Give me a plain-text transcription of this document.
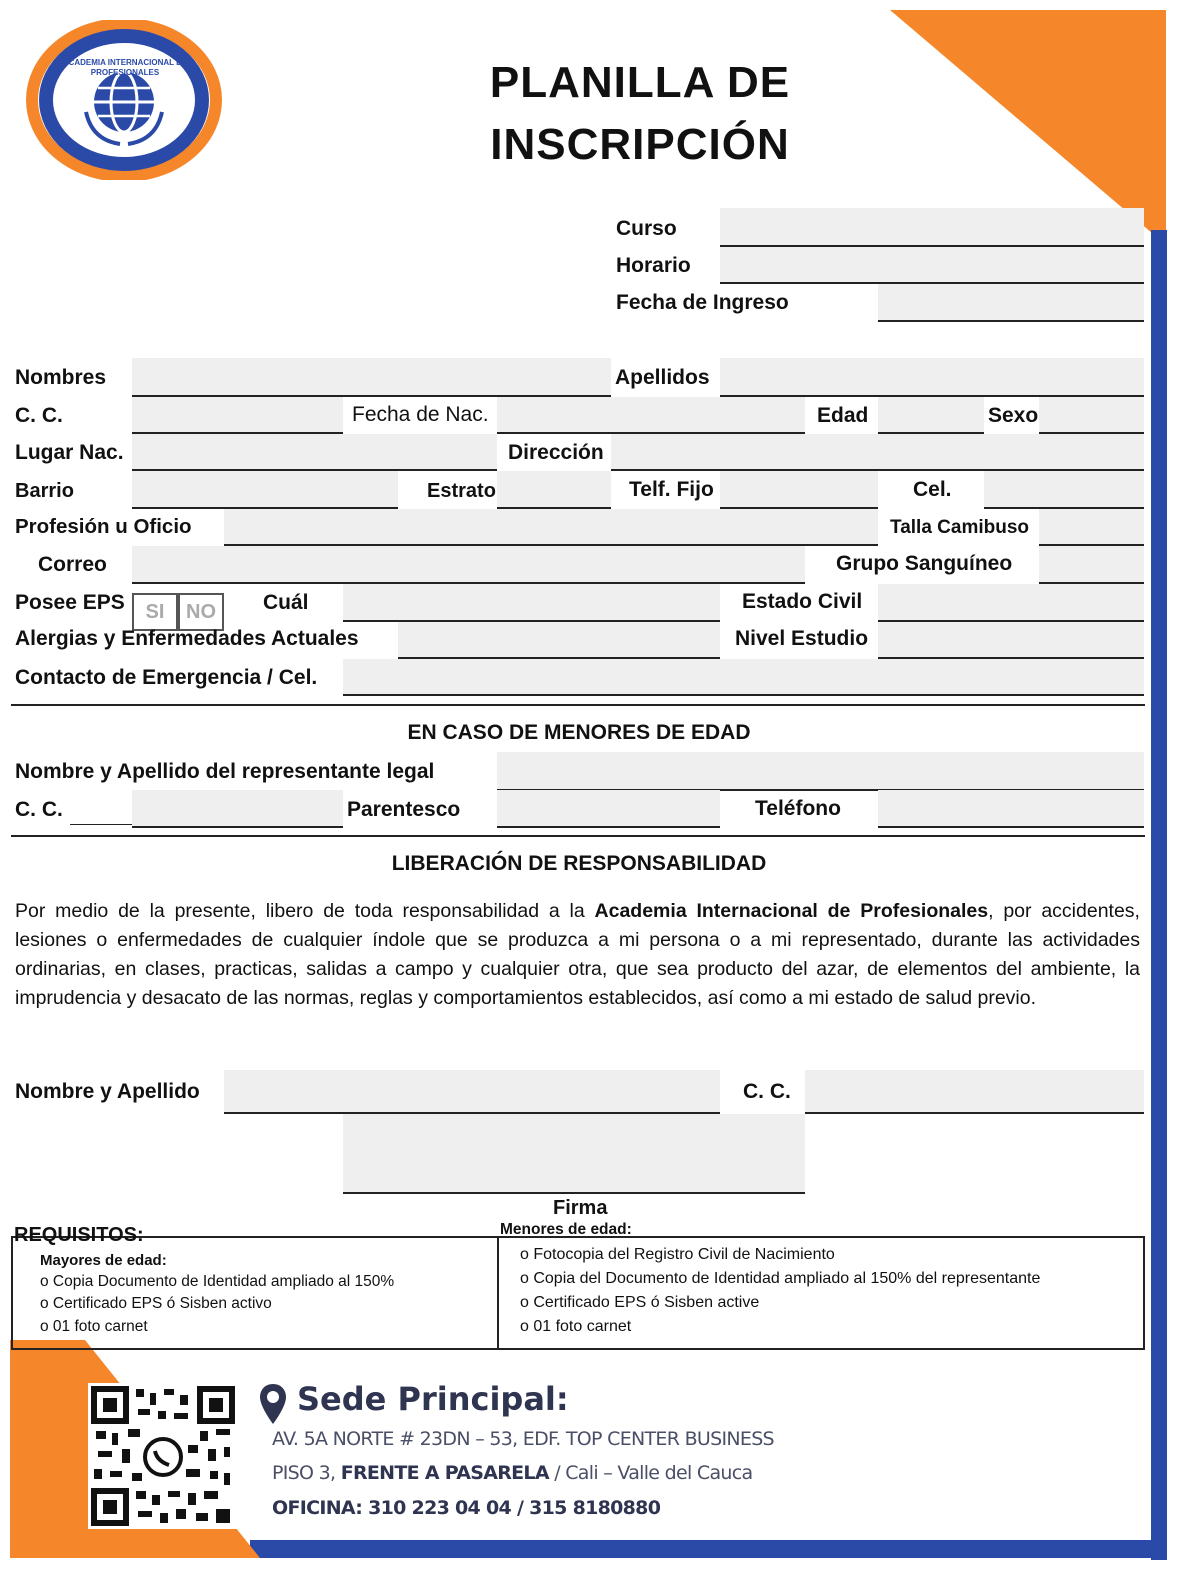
ACADEMIA INTERNACIONAL DE PROFESIONALES	PLANILLA DE
INSCRIPCIÓN
Curso
Horario
Fecha de Ingreso
Nombres	Apellidos
C. C.	Fecha de Nac.	Edad	Sexo
Lugar Nac.	Dirección
Barrio	Estrato	Telf. Fijo	Cel.
Profesión u Oficio	Talla Camibuso
Correo	Grupo Sanguíneo
Posee EPS	SI	NO	Cuál	Estado Civil
Alergias y Enfermedades Actuales	Nivel Estudio
Contacto de Emergencia / Cel.
EN CASO DE MENORES DE EDAD
Nombre y Apellido del representante legal
C. C.	Parentesco	Teléfono
LIBERACIÓN DE RESPONSABILIDAD
Por medio de la presente, libero de toda responsabilidad a la Academia Internacional de Profesionales, por accidentes, lesiones o enfermedades de cualquier índole que se produzca a mi persona o a mi representado, durante las actividades ordinarias, en clases, practicas, salidas a campo y cualquier otra, que sea producto del azar, de elementos del ambiente, la imprudencia y desacato de las normas, reglas y comportamientos establecidos, así como a mi estado de salud previo.
Nombre y Apellido	C. C.
Firma
REQUISITOS:
Mayores de edad:
o Copia Documento de Identidad ampliado al 150%
o Certificado EPS ó Sisben activo
o 01 foto carnet
Menores de edad:
o Fotocopia del Registro Civil de Nacimiento
o Copia del Documento de Identidad ampliado al 150% del representante
o Certificado EPS ó Sisben active
o 01 foto carnet
Sede Principal:
AV. 5A NORTE # 23DN – 53, EDF. TOP CENTER BUSINESS
PISO 3, FRENTE A PASARELA / Cali – Valle del Cauca
OFICINA: 310 223 04 04 / 315 8180880
